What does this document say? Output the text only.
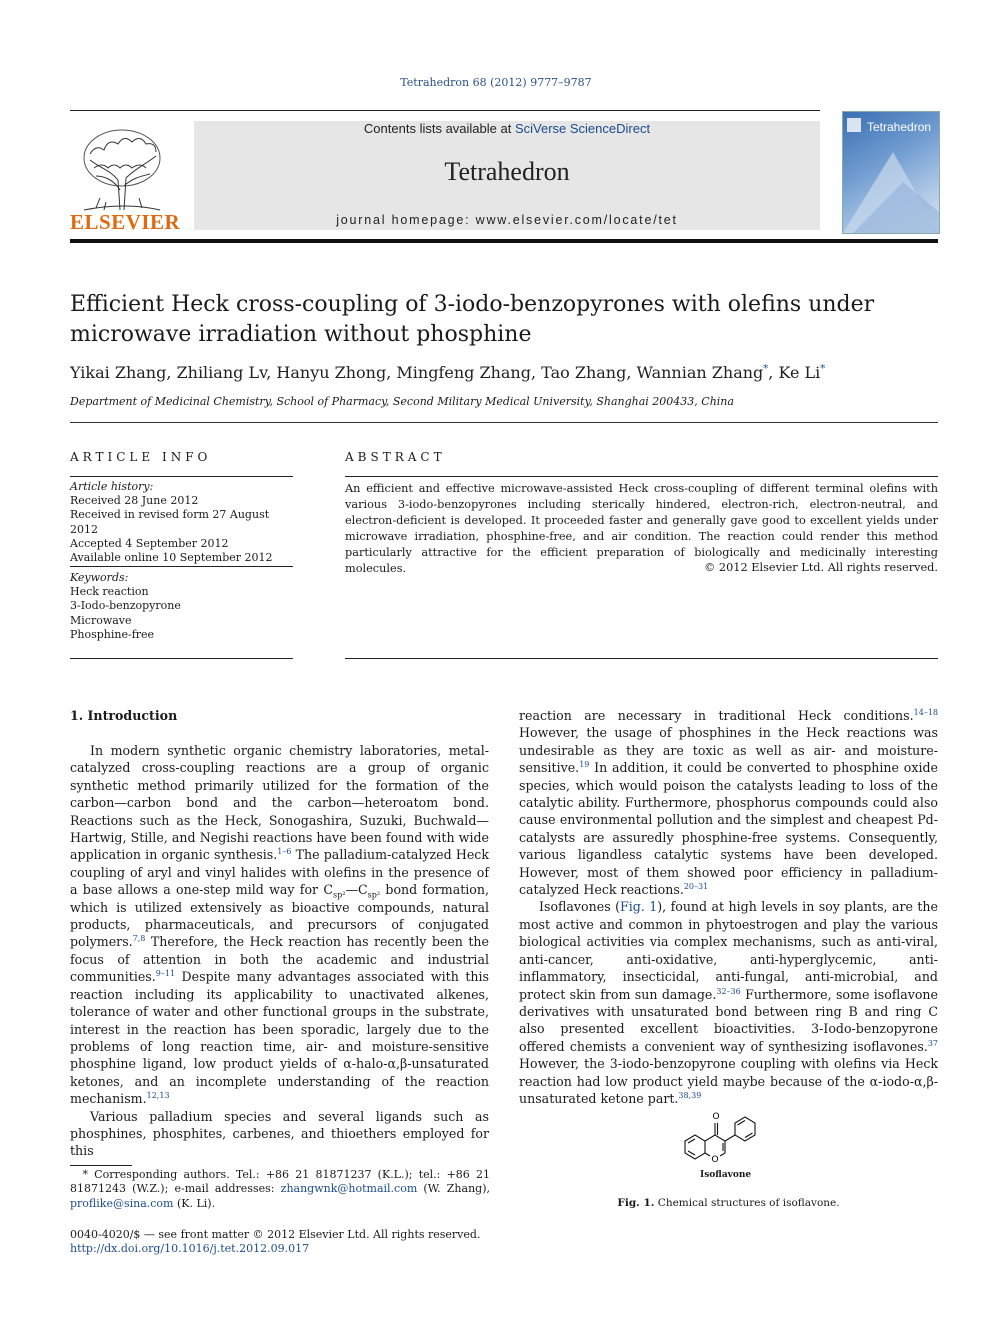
Tetrahedron 68 (2012) 9777–9787
ELSEVIER
Contents lists available at SciVerse ScienceDirect
Tetrahedron
journal homepage: www.elsevier.com/locate/tet
Tetrahedron
Efficient Heck cross-coupling of 3-iodo-benzopyrones with olefins under microwave irradiation without phosphine
Yikai Zhang, Zhiliang Lv, Hanyu Zhong, Mingfeng Zhang, Tao Zhang, Wannian Zhang*, Ke Li*
Department of Medicinal Chemistry, School of Pharmacy, Second Military Medical University, Shanghai 200433, China
ARTICLE INFO
Article history:
Received 28 June 2012
Received in revised form 27 August 2012
Accepted 4 September 2012
Available online 10 September 2012
Keywords:
Heck reaction
3-Iodo-benzopyrone
Microwave
Phosphine-free
ABSTRACT
An efficient and effective microwave-assisted Heck cross-coupling of different terminal olefins with various 3-iodo-benzopyrones including sterically hindered, electron-rich, electron-neutral, and electron-deficient is developed. It proceeded faster and generally gave good to excellent yields under microwave irradiation, phosphine-free, and air condition. The reaction could render this method particularly attractive for the efficient preparation of biologically and medicinally interesting molecules.	© 2012 Elsevier Ltd. All rights reserved.
1. Introduction

In modern synthetic organic chemistry laboratories, metal-catalyzed cross-coupling reactions are a group of organic synthetic method primarily utilized for the formation of the carbon—carbon bond and the carbon—heteroatom bond. Reactions such as the Heck, Sonogashira, Suzuki, Buchwald—Hartwig, Stille, and Negishi reactions have been found with wide application in organic synthesis.$^{1-6}$ The palladium-catalyzed Heck coupling of aryl and vinyl halides with olefins in the presence of a base allows a one-step mild way for $C_{sp^2}—C_{sp^2}$ bond formation, which is utilized extensively as bioactive compounds, natural products, pharmaceuticals, and precursors of conjugated polymers.$^{7,8}$ Therefore, the Heck reaction has recently been the focus of attention in both the academic and industrial communities.$^{9-11}$ Despite many advantages associated with this reaction including its applicability to unactivated alkenes, tolerance of water and other functional groups in the substrate, interest in the reaction has been sporadic, largely due to the problems of long reaction time, air- and moisture-sensitive phosphine ligand, low product yields of α-halo-α,β-unsaturated ketones, and an incomplete understanding of the reaction mechanism.$^{12,13}$

Various palladium species and several ligands such as phosphines, phosphites, carbenes, and thioethers employed for this

reaction are necessary in traditional Heck conditions.$^{14-18}$ However, the usage of phosphines in the Heck reactions was undesirable as they are toxic as well as air- and moisture-sensitive.$^{19}$ In addition, it could be converted to phosphine oxide species, which would poison the catalysts leading to loss of the catalytic ability. Furthermore, phosphorus compounds could also cause environmental pollution and the simplest and cheapest Pd-catalysts are assuredly phosphine-free systems. Consequently, various ligandless catalytic systems have been developed. However, most of them showed poor efficiency in palladium-catalyzed Heck reactions.$^{20-31}$

Isoflavones (Fig. 1), found at high levels in soy plants, are the most active and common in phytoestrogen and play the various biological activities via complex mechanisms, such as anti-viral, anti-cancer, anti-oxidative, anti-hyperglycemic, anti-inflammatory, insecticidal, anti-fungal, anti-microbial, and protect skin from sun damage.$^{32-36}$ Furthermore, some isoflavone derivatives with unsaturated bond between ring B and ring C also presented excellent bioactivities. 3-Iodo-benzopyrone offered chemists a convenient way of synthesizing isoflavones.$^{37}$ However, the 3-iodo-benzopyrone coupling with olefins via Heck reaction had low product yield maybe because of the α-iodo-α,β-unsaturated ketone part.$^{38,39}$

O
O
Isoflavone
Fig. 1. Chemical structures of isoflavone.
* Corresponding authors. Tel.: +86 21 81871237 (K.L.); tel.: +86 21 81871243 (W.Z.); e-mail addresses: zhangwnk@hotmail.com (W. Zhang), proflike@sina.com (K. Li).
0040-4020/$ — see front matter © 2012 Elsevier Ltd. All rights reserved.
http://dx.doi.org/10.1016/j.tet.2012.09.017
